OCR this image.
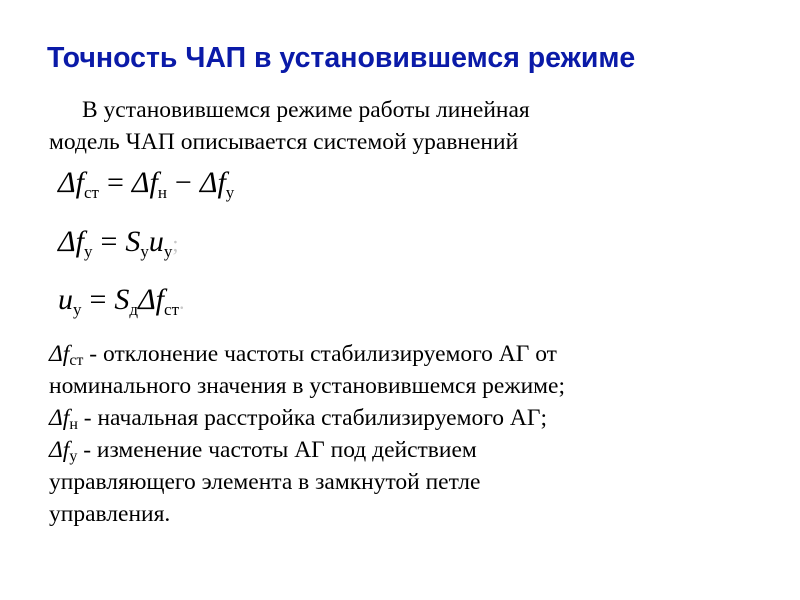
Точность ЧАП в установившемся режиме
В установившемся режиме работы линейная
модель ЧАП описывается системой уравнений
$\Delta f_{ст} = \Delta f_н - \Delta f_у$
$\Delta f_у = S_уu_у$;
$u_у = S_д\Delta f_{ст}$.
$\Delta f_{ст}$ - отклонение частоты стабилизируемого АГ от
номинального значения в установившемся режиме;
$\Delta f_н$ - начальная расстройка стабилизируемого АГ;
$\Delta f_у$ - изменение частоты АГ под действием
управляющего элемента в замкнутой петле
управления.
